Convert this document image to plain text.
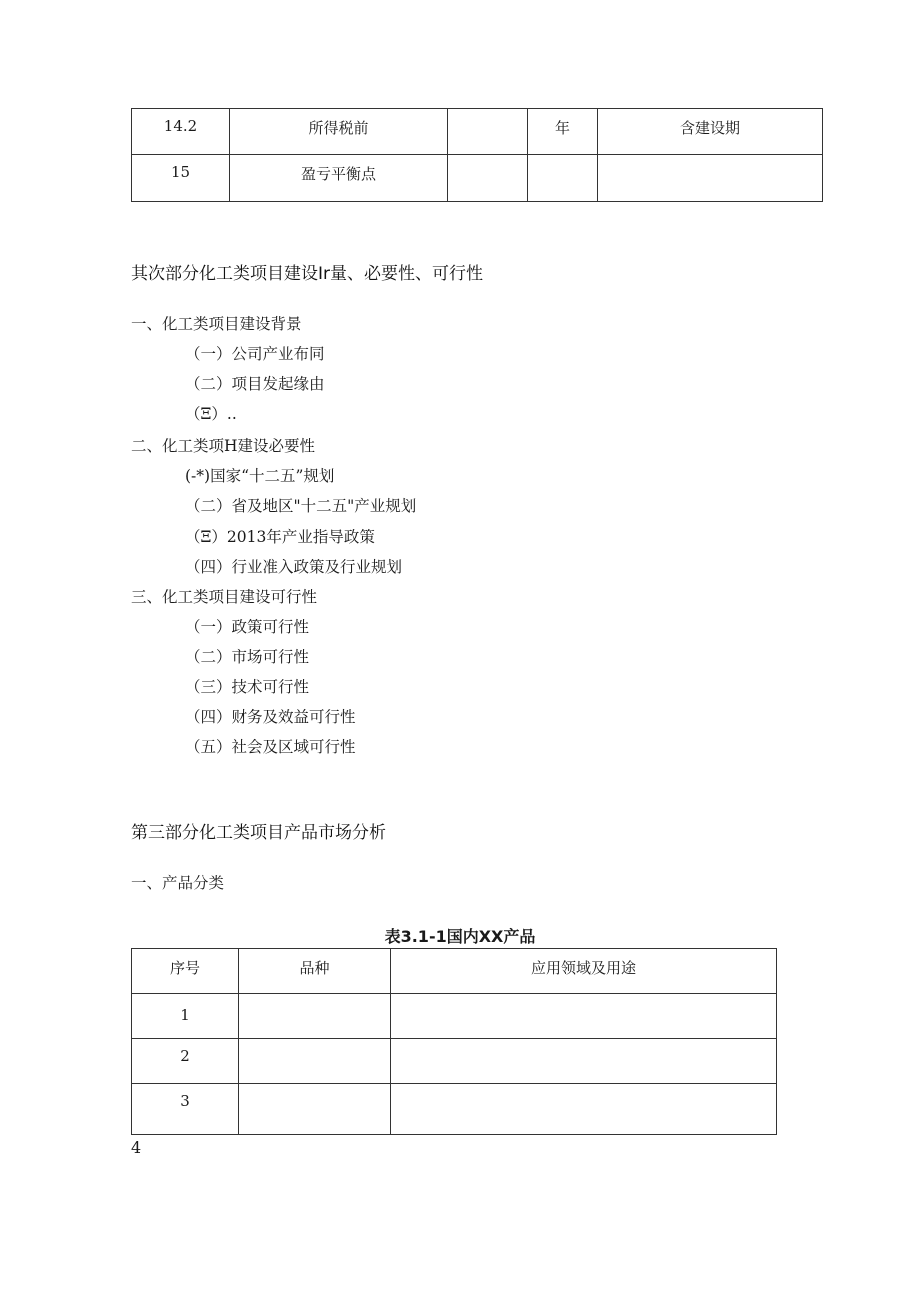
14.2	所得税前		年	含建设期

15	盈亏平衡点			

其次部分化工类项目建设Ir量、必要性、可行性
一、化工类项目建设背景
（一）公司产业布同
（二）项目发起缘由
（Ξ）..
二、化工类项H建设必要性
(-*)国家“十二五”规划
（二）省及地区"十二五"产业规划
（Ξ）2013年产业指导政策
（四）行业准入政策及行业规划
三、化工类项目建设可行性
（一）政策可行性
（二）市场可行性
（三）技术可行性
（四）财务及效益可行性
（五）社会及区域可行性
第三部分化工类项目产品市场分析
一、产品分类
表3.1-1国内XX产品
序号	品种	应用领域及用途

1		

2		

3		

4
